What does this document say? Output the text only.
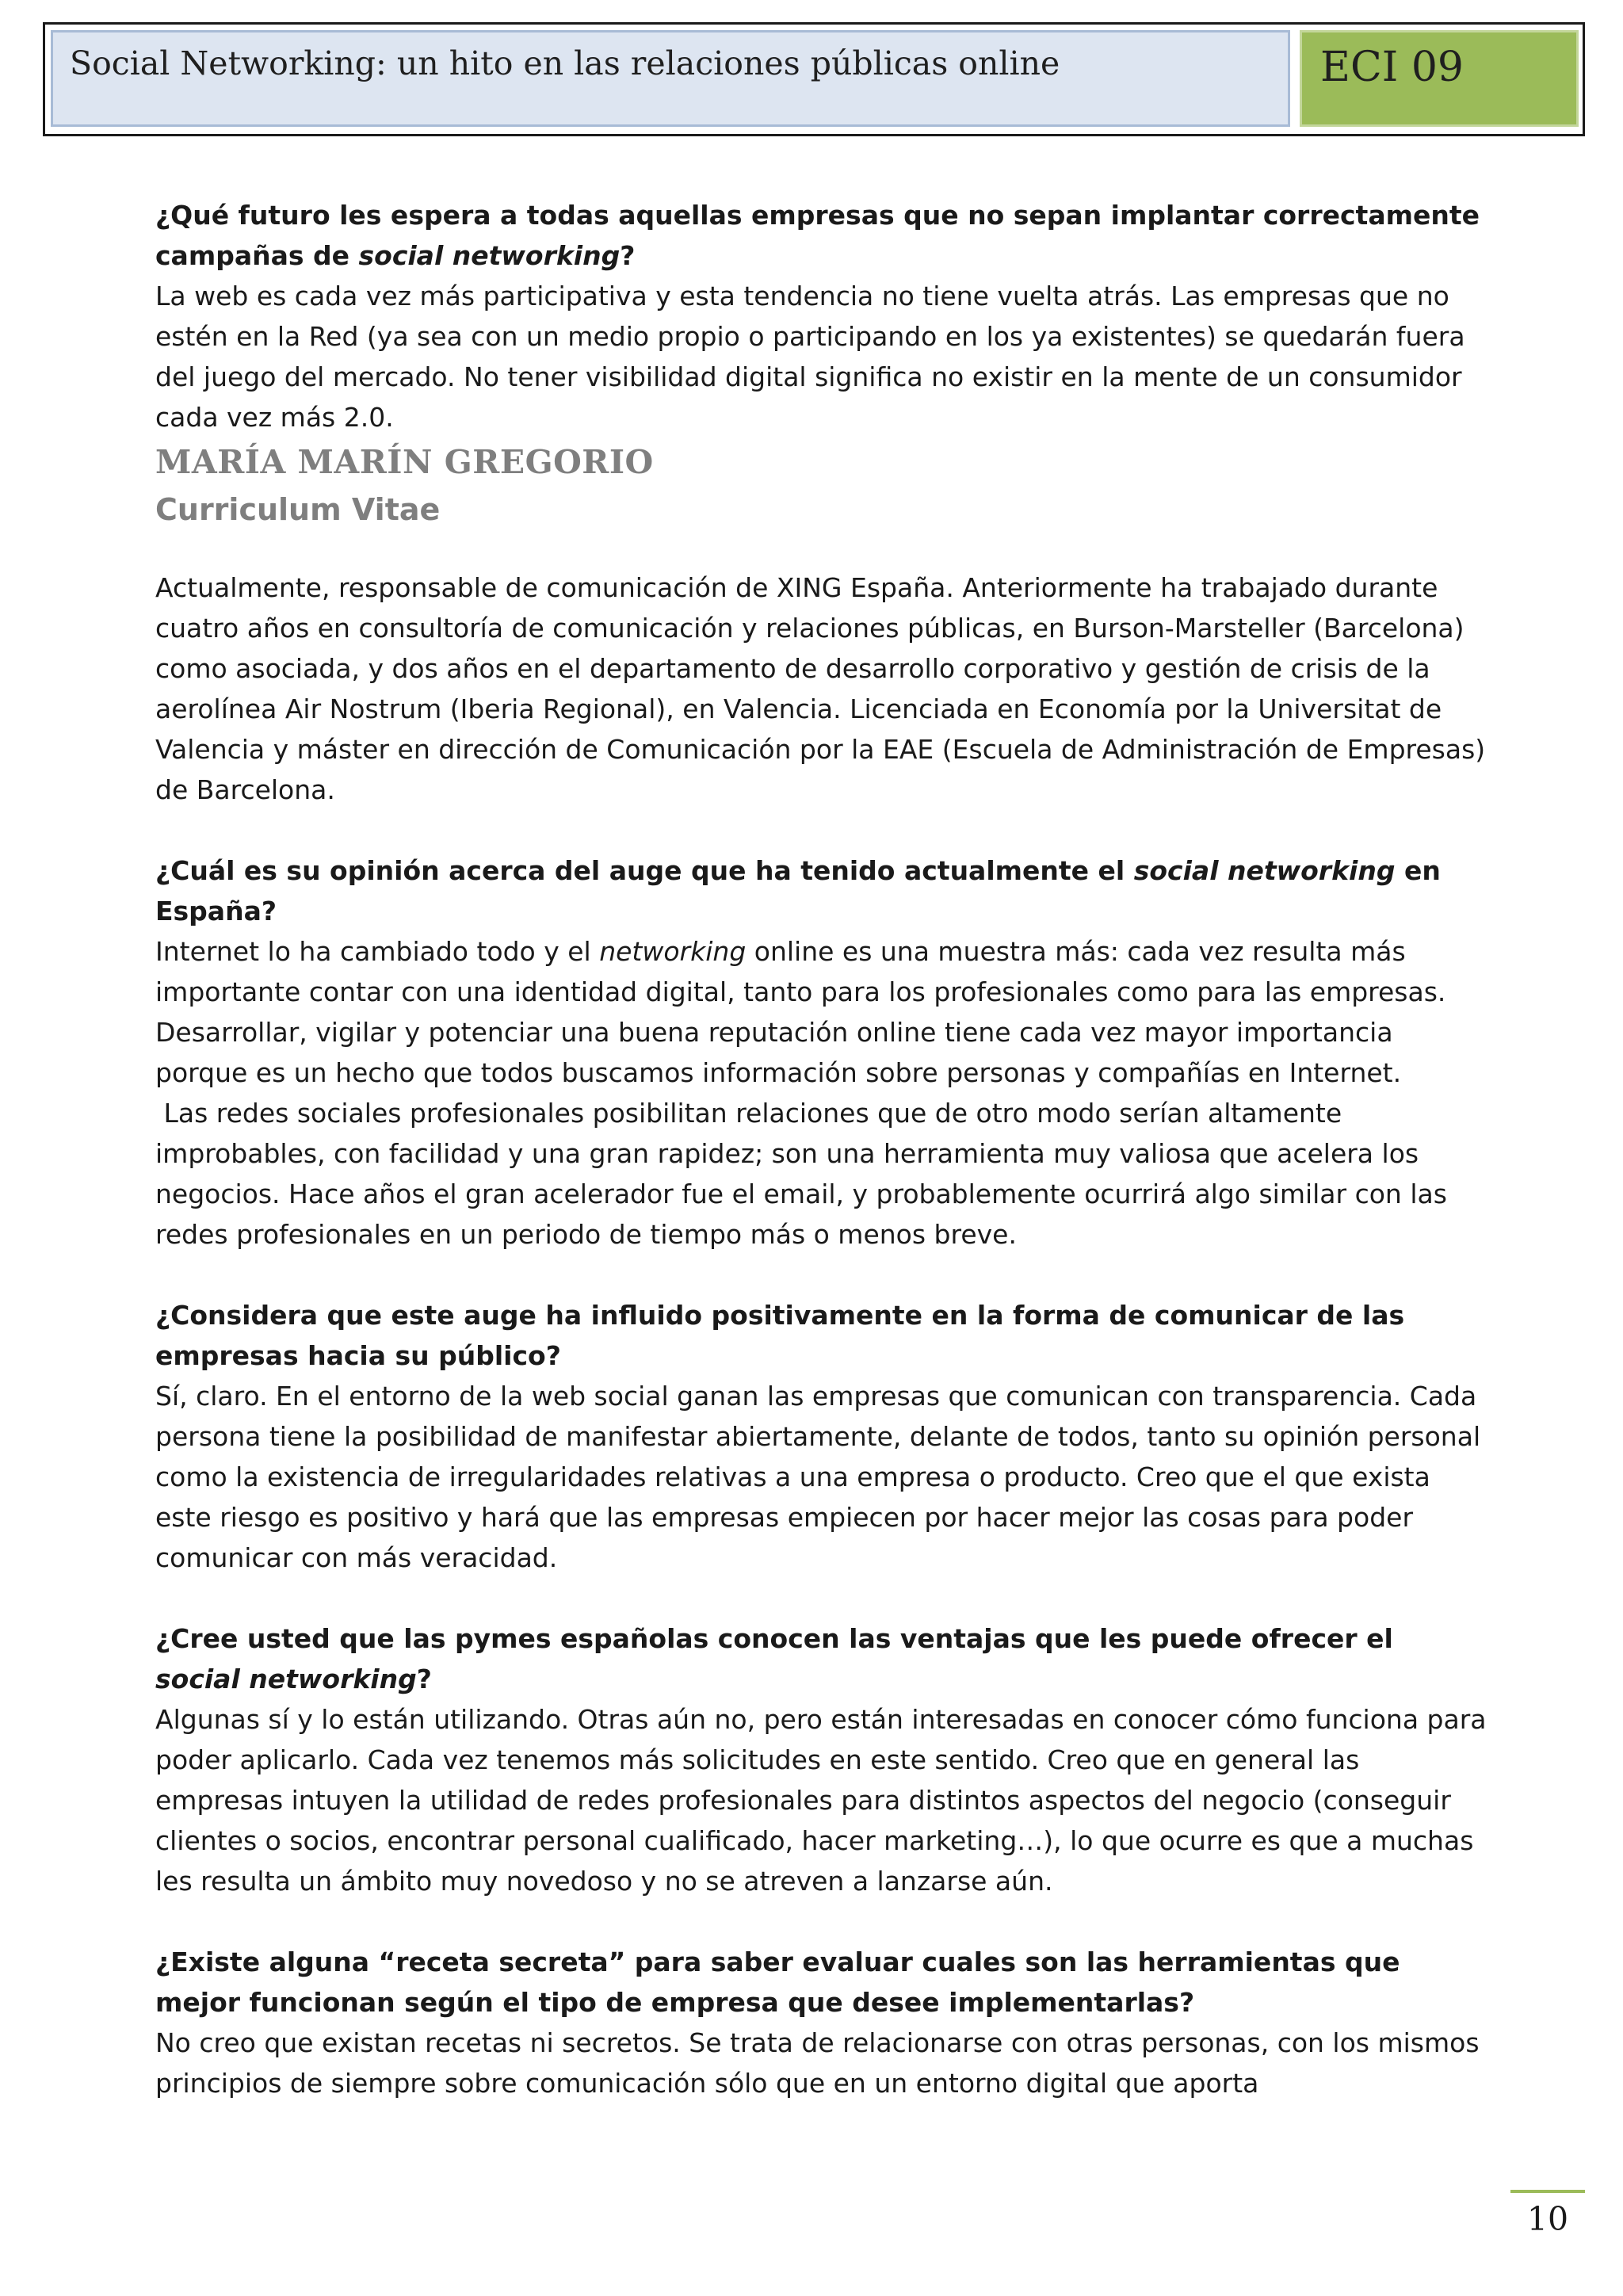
Social Networking: un hito en las relaciones públicas online	ECI 09

¿Qué futuro les espera a todas aquellas empresas que no sepan implantar correctamente campañas de social networking?

La web es cada vez más participativa y esta tendencia no tiene vuelta atrás. Las empresas que no estén en la Red (ya sea con un medio propio o participando en los ya existentes) se quedarán fuera del juego del mercado. No tener visibilidad digital significa no existir en la mente de un consumidor cada vez más 2.0.

MARÍA MARÍN GREGORIO

Curriculum Vitae

Actualmente, responsable de comunicación de XING España. Anteriormente ha trabajado durante cuatro años en consultoría de comunicación y relaciones públicas, en Burson-Marsteller (Barcelona) como asociada, y dos años en el departamento de desarrollo corporativo y gestión de crisis de la aerolínea Air Nostrum (Iberia Regional), en Valencia. Licenciada en Economía por la Universitat de Valencia y máster en dirección de Comunicación por la EAE (Escuela de Administración de Empresas) de Barcelona.

¿Cuál es su opinión acerca del auge que ha tenido actualmente el social networking en España?

Internet lo ha cambiado todo y el networking online es una muestra más: cada vez resulta más importante contar con una identidad digital, tanto para los profesionales como para las empresas. Desarrollar, vigilar y potenciar una buena reputación online tiene cada vez mayor importancia porque es un hecho que todos buscamos información sobre personas y compañías en Internet.
Las redes sociales profesionales posibilitan relaciones que de otro modo serían altamente improbables, con facilidad y una gran rapidez; son una herramienta muy valiosa que acelera los negocios. Hace años el gran acelerador fue el email, y probablemente ocurrirá algo similar con las redes profesionales en un periodo de tiempo más o menos breve.

¿Considera que este auge ha influido positivamente en la forma de comunicar de las empresas hacia su público?

Sí, claro. En el entorno de la web social ganan las empresas que comunican con transparencia. Cada persona tiene la posibilidad de manifestar abiertamente, delante de todos, tanto su opinión personal como la existencia de irregularidades relativas a una empresa o producto. Creo que el que exista este riesgo es positivo y hará que las empresas empiecen por hacer mejor las cosas para poder comunicar con más veracidad.

¿Cree usted que las pymes españolas conocen las ventajas que les puede ofrecer el social networking?

Algunas sí y lo están utilizando. Otras aún no, pero están interesadas en conocer cómo funciona para poder aplicarlo. Cada vez tenemos más solicitudes en este sentido. Creo que en general las empresas intuyen la utilidad de redes profesionales para distintos aspectos del negocio (conseguir clientes o socios, encontrar personal cualificado, hacer marketing…), lo que ocurre es que a muchas les resulta un ámbito muy novedoso y no se atreven a lanzarse aún.

¿Existe alguna “receta secreta” para saber evaluar cuales son las herramientas que mejor funcionan según el tipo de empresa que desee implementarlas?

No creo que existan recetas ni secretos. Se trata de relacionarse con otras personas, con los mismos principios de siempre sobre comunicación sólo que en un entorno digital que aporta

10
